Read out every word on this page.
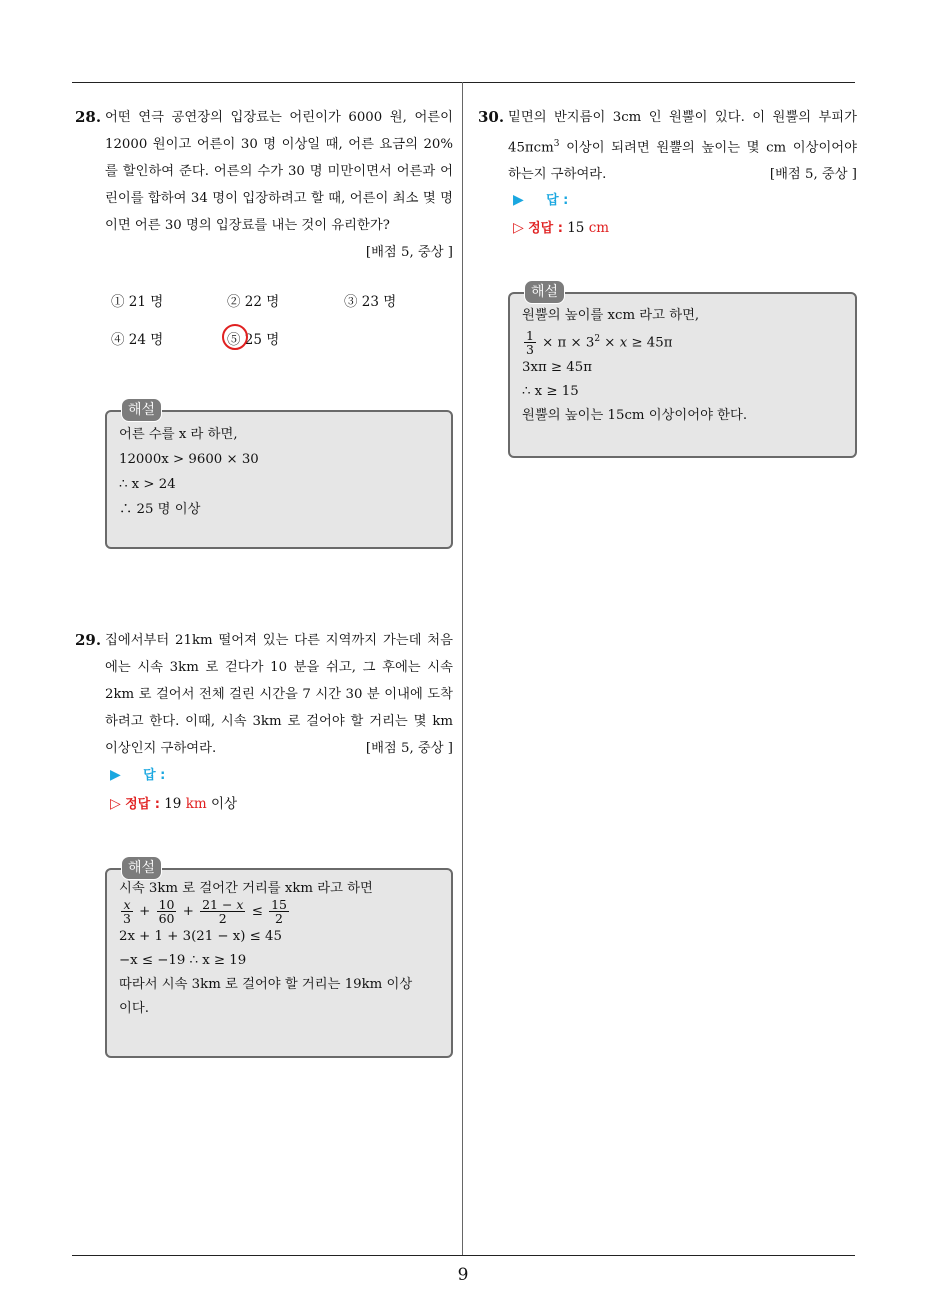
9
28. 어떤 연극 공연장의 입장료는 어린이가 6000 원, 어른이 12000 원이고 어른이 30 명 이상일 때, 어른 요금의 20% 를 할인하여 준다. 어른의 수가 30 명 미만이면서 어른과 어린이를 합하여 34 명이 입장하려고 할 때, 어른이 최소 몇 명이면 어른 30 명의 입장료를 내는 것이 유리한가?
[배점 5, 중상 ]
① 21 명	② 22 명	③ 23 명
④ 24 명	⑤ 25 명
해설
어른 수를 x 라 하면,
12000x > 9600 × 30
∴ x > 24
∴ 25 명 이상
29. 집에서부터 21km 떨어져 있는 다른 지역까지 가는데 처음에는 시속 3km 로 걷다가 10 분을 쉬고, 그 후에는 시속 2km 로 걸어서 전체 걸린 시간을 7 시간 30 분 이내에 도착하려고 한다. 이때, 시속 3km 로 걸어야 할 거리는 몇 km 이상인지 구하여라.	[배점 5, 중상 ]
▶ 답 :
▷ 정답 : 19 km 이상
해설
시속 3km 로 걸어간 거리를 xkm 라고 하면
$\frac{x}{3} + \frac{10}{60} + \frac{21 - x}{2} \le \frac{15}{2}$
2x + 1 + 3(21 − x) ≤ 45
−x ≤ −19 ∴ x ≥ 19
따라서 시속 3km 로 걸어야 할 거리는 19km 이상
이다.
30. 밑면의 반지름이 3cm 인 원뿔이 있다. 이 원뿔의 부피가 45πcm$^3$ 이상이 되려면 원뿔의 높이는 몇 cm 이상이어야 하는지 구하여라.	[배점 5, 중상 ]
▶ 답 :
▷ 정답 : 15 cm
해설
원뿔의 높이를 xcm 라고 하면,
$\frac{1}{3} \times \pi \times 3^2 \times x \ge 45\pi$
3xπ ≥ 45π
∴ x ≥ 15
원뿔의 높이는 15cm 이상이어야 한다.
